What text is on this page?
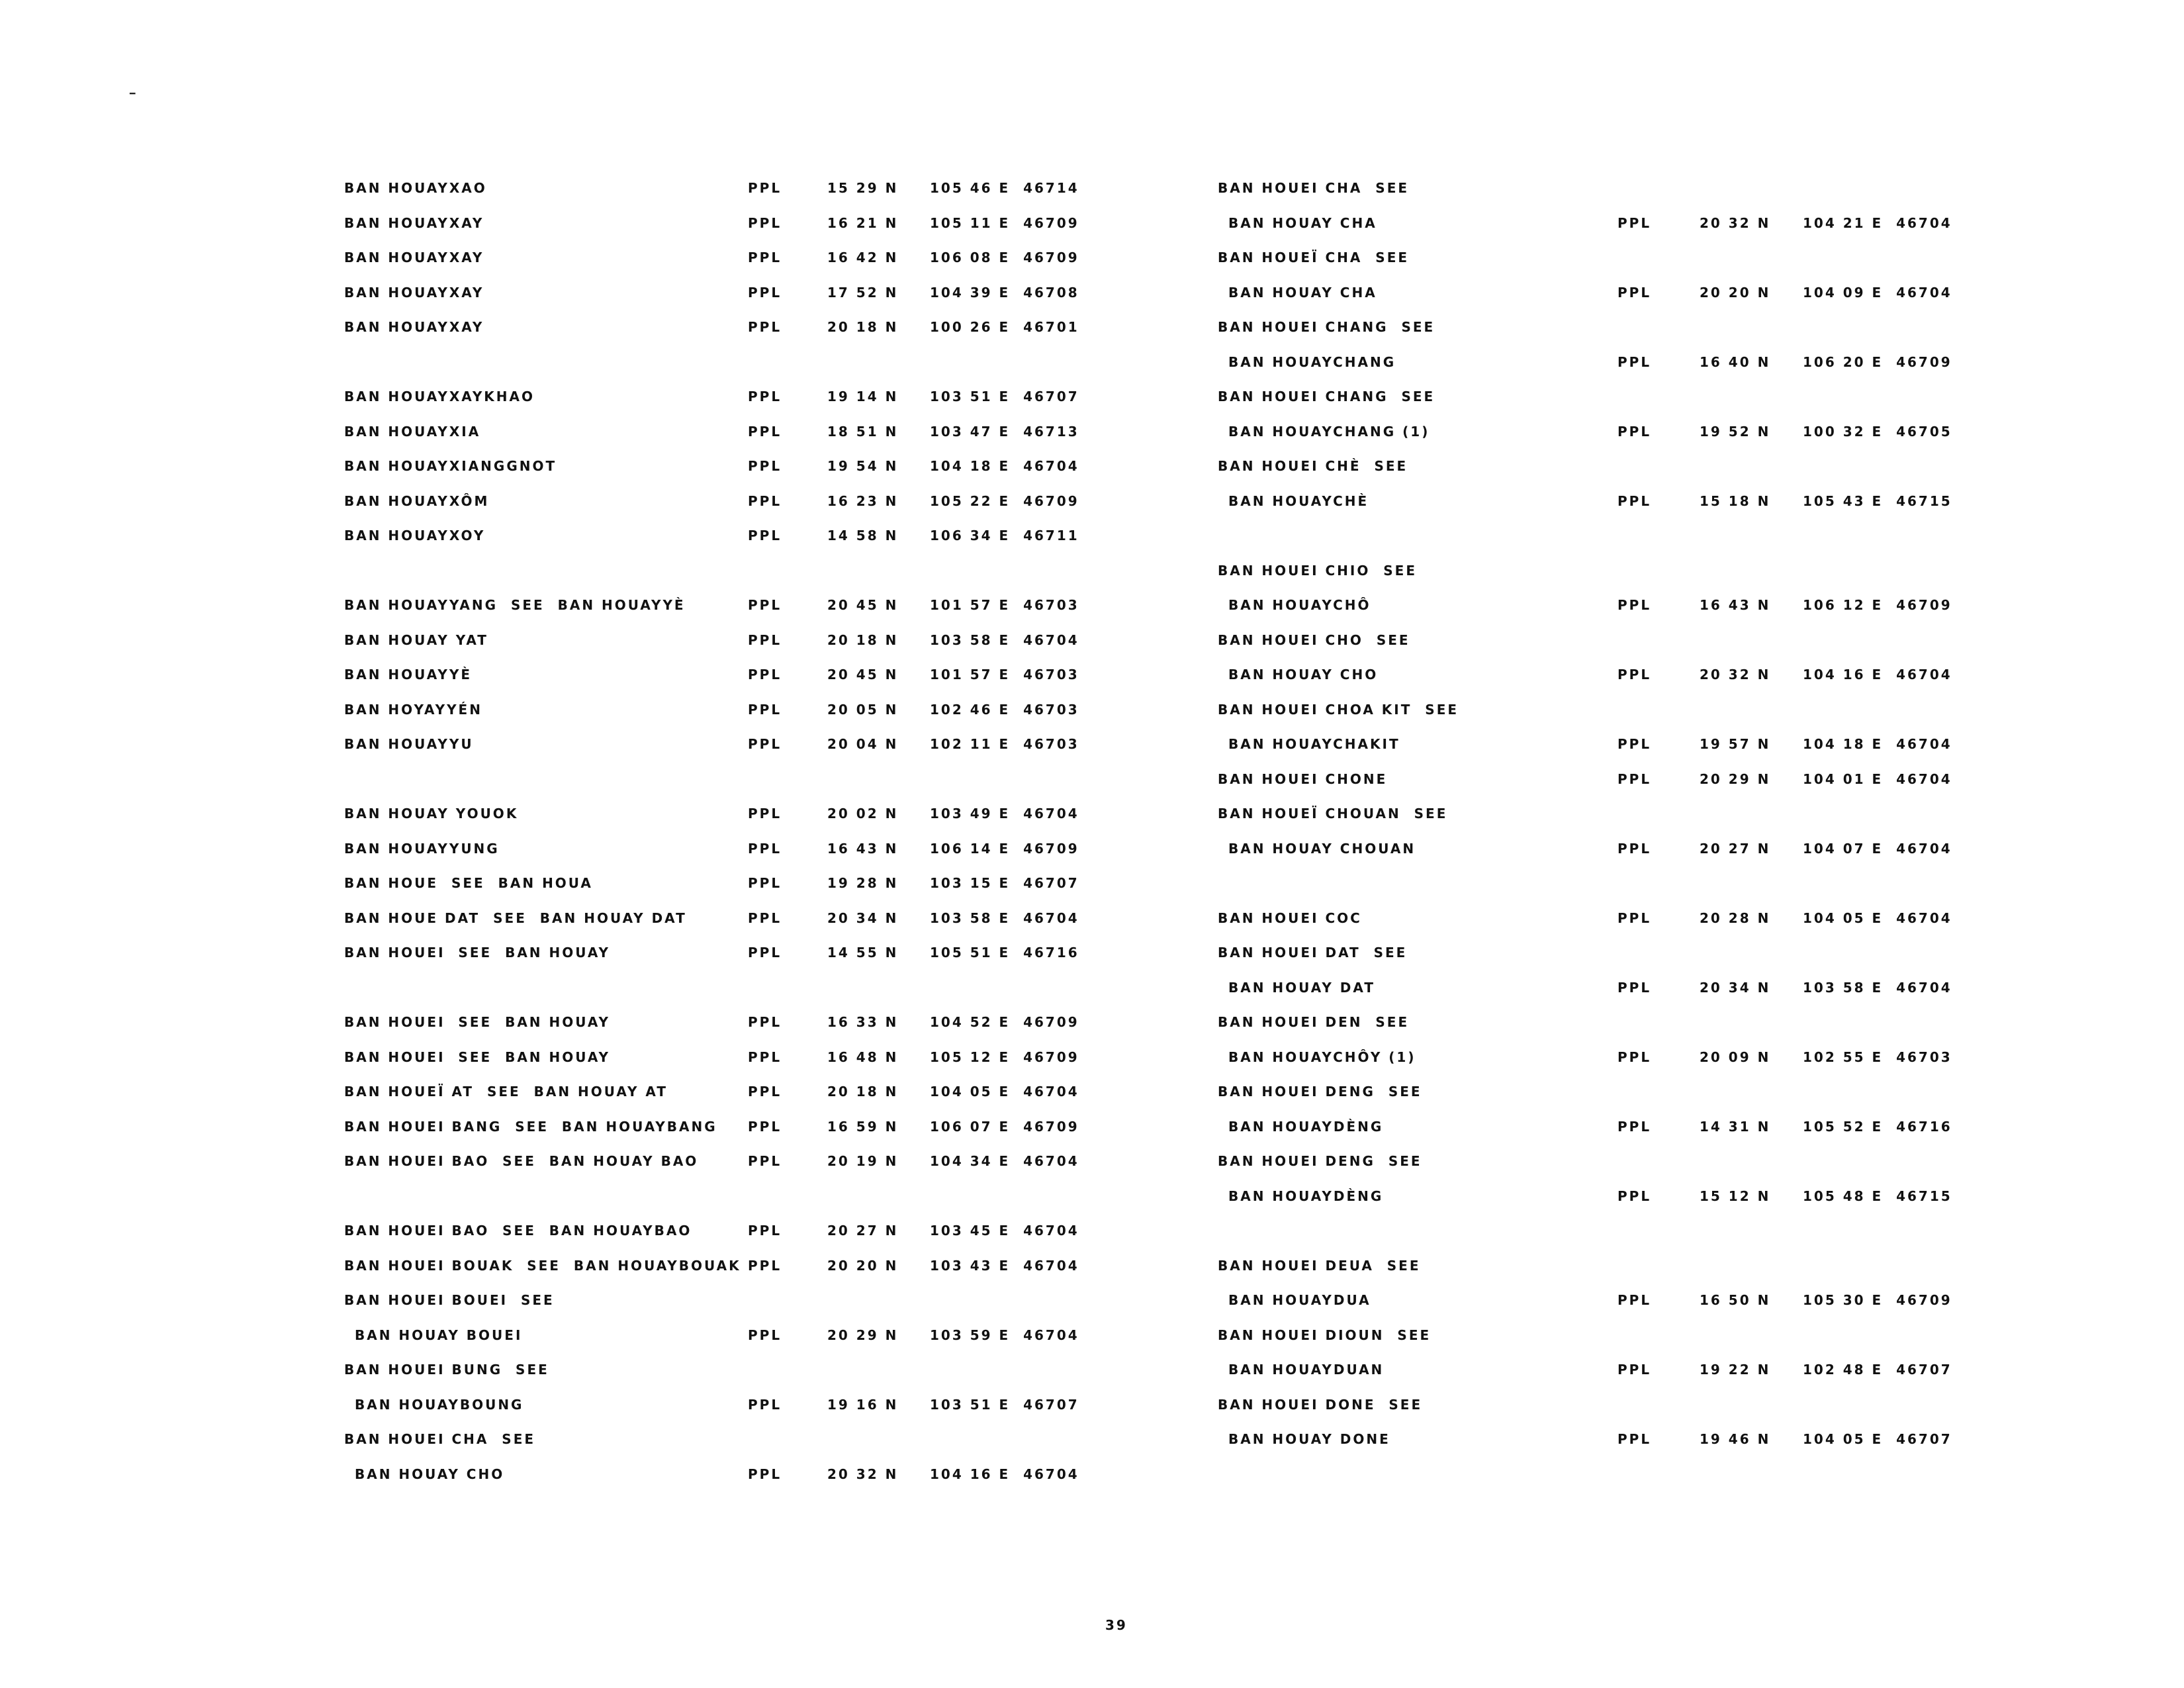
━
BAN HOUAYXAO	PPL	15 29 N 105 46 E  46714
BAN HOUAYXAY	PPL	16 21 N 105 11 E  46709
BAN HOUAYXAY	PPL	16 42 N 106 08 E  46709
BAN HOUAYXAY	PPL	17 52 N 104 39 E  46708
BAN HOUAYXAY	PPL	20 18 N 100 26 E  46701
BAN HOUAYXAYKHAO	PPL	19 14 N 103 51 E  46707
BAN HOUAYXIA	PPL	18 51 N 103 47 E  46713
BAN HOUAYXIANGGNOT	PPL	19 54 N 104 18 E  46704
BAN HOUAYXÔM	PPL	16 23 N 105 22 E  46709
BAN HOUAYXOY	PPL	14 58 N 106 34 E  46711
BAN HOUAYYANG  SEE  BAN HOUAYYÈ	PPL	20 45 N 101 57 E  46703
BAN HOUAY YAT	PPL	20 18 N 103 58 E  46704
BAN HOUAYYÈ	PPL	20 45 N 101 57 E  46703
BAN HOYAYYÉN	PPL	20 05 N 102 46 E  46703
BAN HOUAYYU	PPL	20 04 N 102 11 E  46703
BAN HOUAY YOUOK	PPL	20 02 N 103 49 E  46704
BAN HOUAYYUNG	PPL	16 43 N 106 14 E  46709
BAN HOUE  SEE  BAN HOUA	PPL	19 28 N 103 15 E  46707
BAN HOUE DAT  SEE  BAN HOUAY DAT	PPL	20 34 N 103 58 E  46704
BAN HOUEI  SEE  BAN HOUAY	PPL	14 55 N 105 51 E  46716
BAN HOUEI  SEE  BAN HOUAY	PPL	16 33 N 104 52 E  46709
BAN HOUEI  SEE  BAN HOUAY	PPL	16 48 N 105 12 E  46709
BAN HOUEÏ AT  SEE  BAN HOUAY AT	PPL	20 18 N 104 05 E  46704
BAN HOUEI BANG  SEE  BAN HOUAYBANG PPL	16 59 N 106 07 E  46709
BAN HOUEI BAO  SEE  BAN HOUAY BAO	PPL	20 19 N 104 34 E  46704
BAN HOUEI BAO  SEE  BAN HOUAYBAO	PPL	20 27 N 103 45 E  46704
BAN HOUEI BOUAK  SEE  BAN HOUAYBOUAK PPL	20 20 N 103 43 E  46704
BAN HOUEI BOUEI  SEE
BAN HOUAY BOUEI	PPL	20 29 N 103 59 E  46704
BAN HOUEI BUNG  SEE
BAN HOUAYBOUNG	PPL	19 16 N 103 51 E  46707
BAN HOUEI CHA  SEE
BAN HOUAY CHO	PPL	20 32 N 104 16 E  46704
BAN HOUEI CHA  SEE
BAN HOUAY CHA	PPL	20 32 N 104 21 E  46704
BAN HOUEÏ CHA  SEE
BAN HOUAY CHA	PPL	20 20 N 104 09 E  46704
BAN HOUEI CHANG  SEE
BAN HOUAYCHANG	PPL	16 40 N 106 20 E  46709
BAN HOUEI CHANG  SEE
BAN HOUAYCHANG (1)	PPL	19 52 N 100 32 E  46705
BAN HOUEI CHÈ  SEE
BAN HOUAYCHÈ	PPL	15 18 N 105 43 E  46715
BAN HOUEI CHIO  SEE
BAN HOUAYCHÔ	PPL	16 43 N 106 12 E  46709
BAN HOUEI CHO  SEE
BAN HOUAY CHO	PPL	20 32 N 104 16 E  46704
BAN HOUEI CHOA KIT  SEE
BAN HOUAYCHAKIT	PPL	19 57 N 104 18 E  46704
BAN HOUEI CHONE	PPL	20 29 N 104 01 E  46704
BAN HOUEÏ CHOUAN  SEE
BAN HOUAY CHOUAN	PPL	20 27 N 104 07 E  46704
BAN HOUEI COC	PPL	20 28 N 104 05 E  46704
BAN HOUEI DAT  SEE
BAN HOUAY DAT	PPL	20 34 N 103 58 E  46704
BAN HOUEI DEN  SEE
BAN HOUAYCHÔY (1)	PPL	20 09 N 102 55 E  46703
BAN HOUEI DENG  SEE
BAN HOUAYDÈNG	PPL	14 31 N 105 52 E  46716
BAN HOUEI DENG  SEE
BAN HOUAYDÈNG	PPL	15 12 N 105 48 E  46715
BAN HOUEI DEUA  SEE
BAN HOUAYDUA	PPL	16 50 N 105 30 E  46709
BAN HOUEI DIOUN  SEE
BAN HOUAYDUAN	PPL	19 22 N 102 48 E  46707
BAN HOUEI DONE  SEE
BAN HOUAY DONE	PPL	19 46 N 104 05 E  46707
39
